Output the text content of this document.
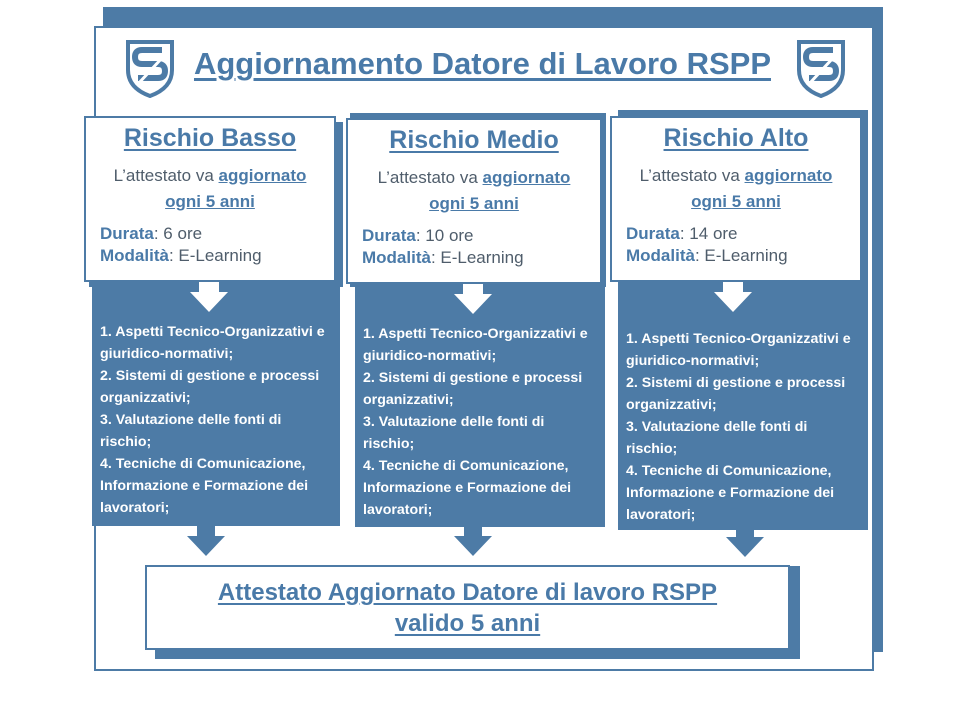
Aggiornamento Datore di Lavoro RSPP
1. Aspetti Tecnico-Organizzativi e giuridico-normativi;
2. Sistemi di gestione e processi organizzativi;
3. Valutazione delle fonti di rischio;
4. Tecniche di Comunicazione, Informazione e Formazione dei lavoratori;
Rischio Basso
L’attestato va aggiornato
ogni 5 anni
Durata: 6 ore
Modalità: E-Learning
1. Aspetti Tecnico-Organizzativi e giuridico-normativi;
2. Sistemi di gestione e processi organizzativi;
3. Valutazione delle fonti di rischio;
4. Tecniche di Comunicazione, Informazione e Formazione dei lavoratori;
Rischio Medio
L’attestato va aggiornato
ogni 5 anni
Durata: 10 ore
Modalità: E-Learning
1. Aspetti Tecnico-Organizzativi e giuridico-normativi;
2. Sistemi di gestione e processi organizzativi;
3. Valutazione delle fonti di rischio;
4. Tecniche di Comunicazione, Informazione e Formazione dei lavoratori;
Rischio Alto
L’attestato va aggiornato
ogni 5 anni
Durata: 14 ore
Modalità: E-Learning
Attestato Aggiornato Datore di lavoro RSPP
valido 5 anni
